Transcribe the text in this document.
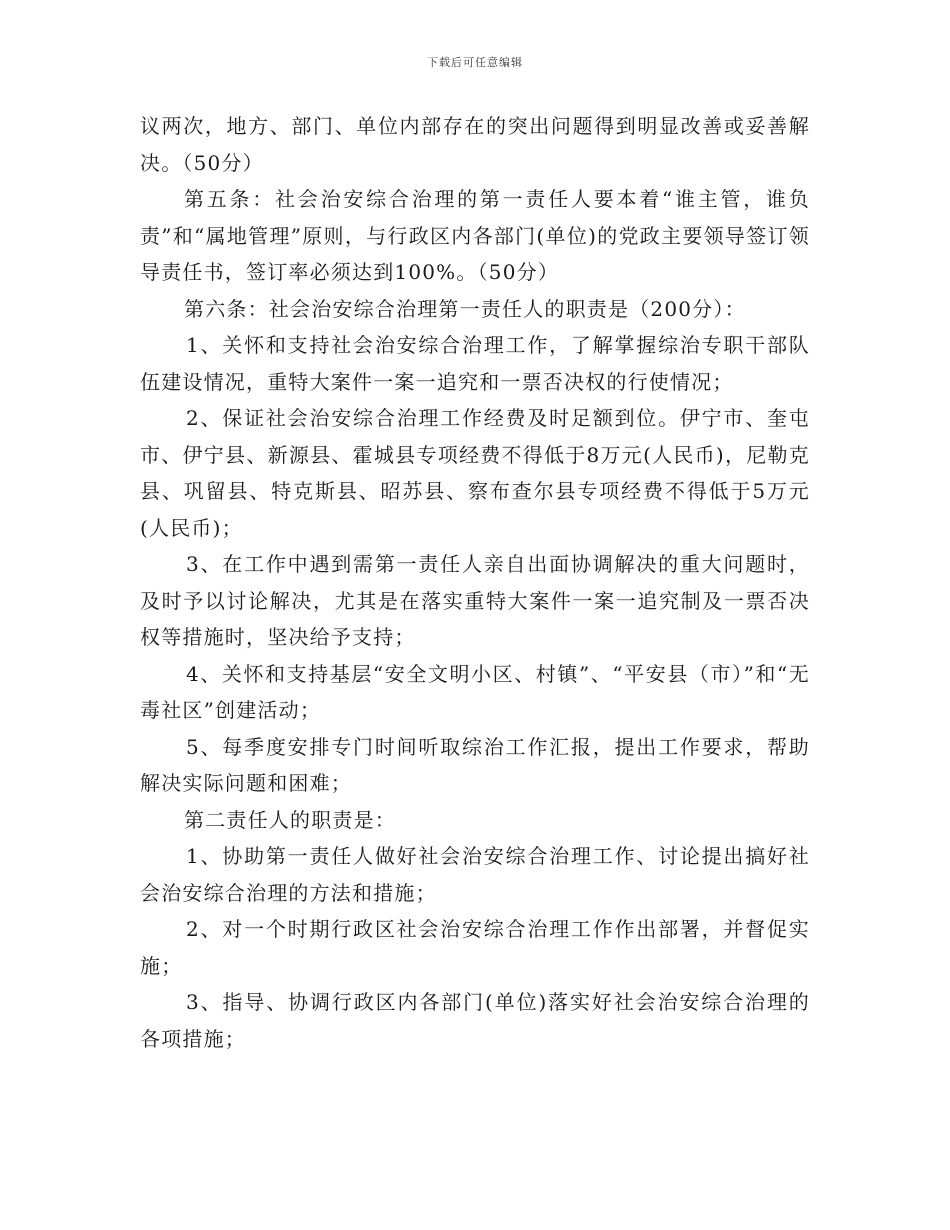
下载后可任意编辑

议两次，地方、部门、单位内部存在的突出问题得到明显改善或妥善解决。（50分）

第五条：社会治安综合治理的第一责任人要本着“谁主管，谁负责”和“属地管理”原则，与行政区内各部门(单位)的党政主要领导签订领导责任书，签订率必须达到100%。（50分）

第六条：社会治安综合治理第一责任人的职责是（200分）：

1、关怀和支持社会治安综合治理工作，了解掌握综治专职干部队伍建设情况，重特大案件一案一追究和一票否决权的行使情况；

2、保证社会治安综合治理工作经费及时足额到位。伊宁市、奎屯市、伊宁县、新源县、霍城县专项经费不得低于8万元(人民币)，尼勒克县、巩留县、特克斯县、昭苏县、察布查尔县专项经费不得低于5万元(人民币)；

3、在工作中遇到需第一责任人亲自出面协调解决的重大问题时，及时予以讨论解决，尤其是在落实重特大案件一案一追究制及一票否决权等措施时，坚决给予支持；

4、关怀和支持基层“安全文明小区、村镇”、“平安县（市）”和“无毒社区”创建活动；

5、每季度安排专门时间听取综治工作汇报，提出工作要求，帮助解决实际问题和困难；

第二责任人的职责是：

1、协助第一责任人做好社会治安综合治理工作、讨论提出搞好社会治安综合治理的方法和措施；

2、对一个时期行政区社会治安综合治理工作作出部署，并督促实施；

3、指导、协调行政区内各部门(单位)落实好社会治安综合治理的各项措施；
